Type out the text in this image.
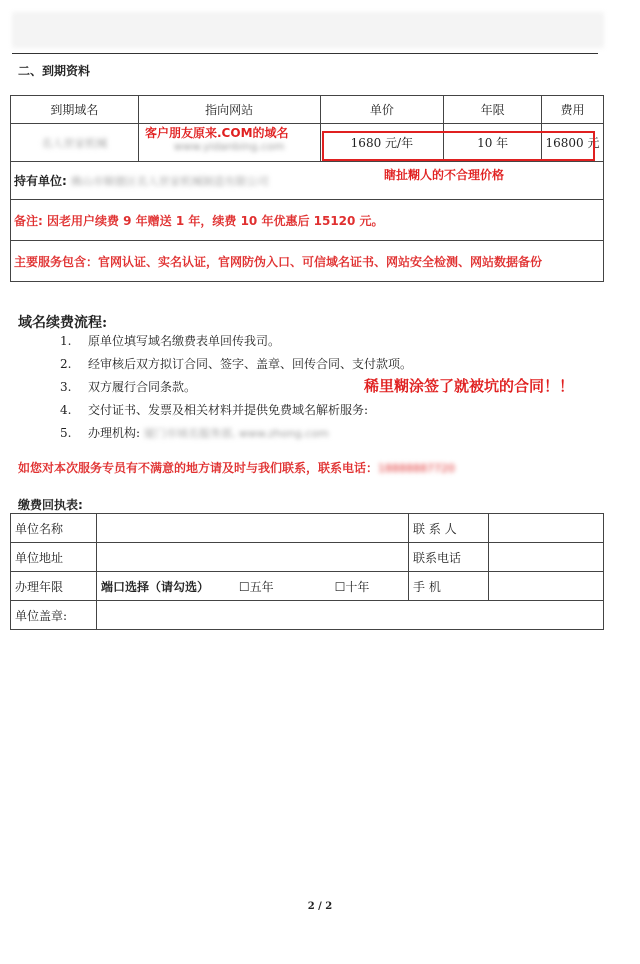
二、到期资料
到期域名	指向网站	单价	年限	费用
名人世家机械	www.yidanbing.com	1680 元/年	10 年	16800 元
持有单位: 佛山市顺德区名人世家机械制造有限公司				
备注: 因老用户续费 9 年赠送 1 年，续费 10 年优惠后 15120 元。				
主要服务包含：官网认证、实名认证，官网防伪入口、可信域名证书、网站安全检测、网站数据备份				
客户朋友原来.COM的域名
瞎扯糊人的不合理价格
域名续费流程:
1.	原单位填写域名缴费表单回传我司。
2.	经审核后双方拟订合同、签字、盖章、回传合同、支付款项。
3.	双方履行合同条款。
4.	交付证书、发票及相关材料并提供免费域名解析服务:
5.	办理机构:
厦门市域名服务部, www.zhong.com
稀里糊涂签了就被坑的合同！！
如您对本次服务专员有不满意的地方请及时与我们联系，联系电话：18888887720
缴费回执表:
单位名称		联 系 人	
单位地址		联系电话	
办理年限	端口选择（请勾选） ☐五年 ☐十年	手 机	
单位盖章:			
2 / 2
